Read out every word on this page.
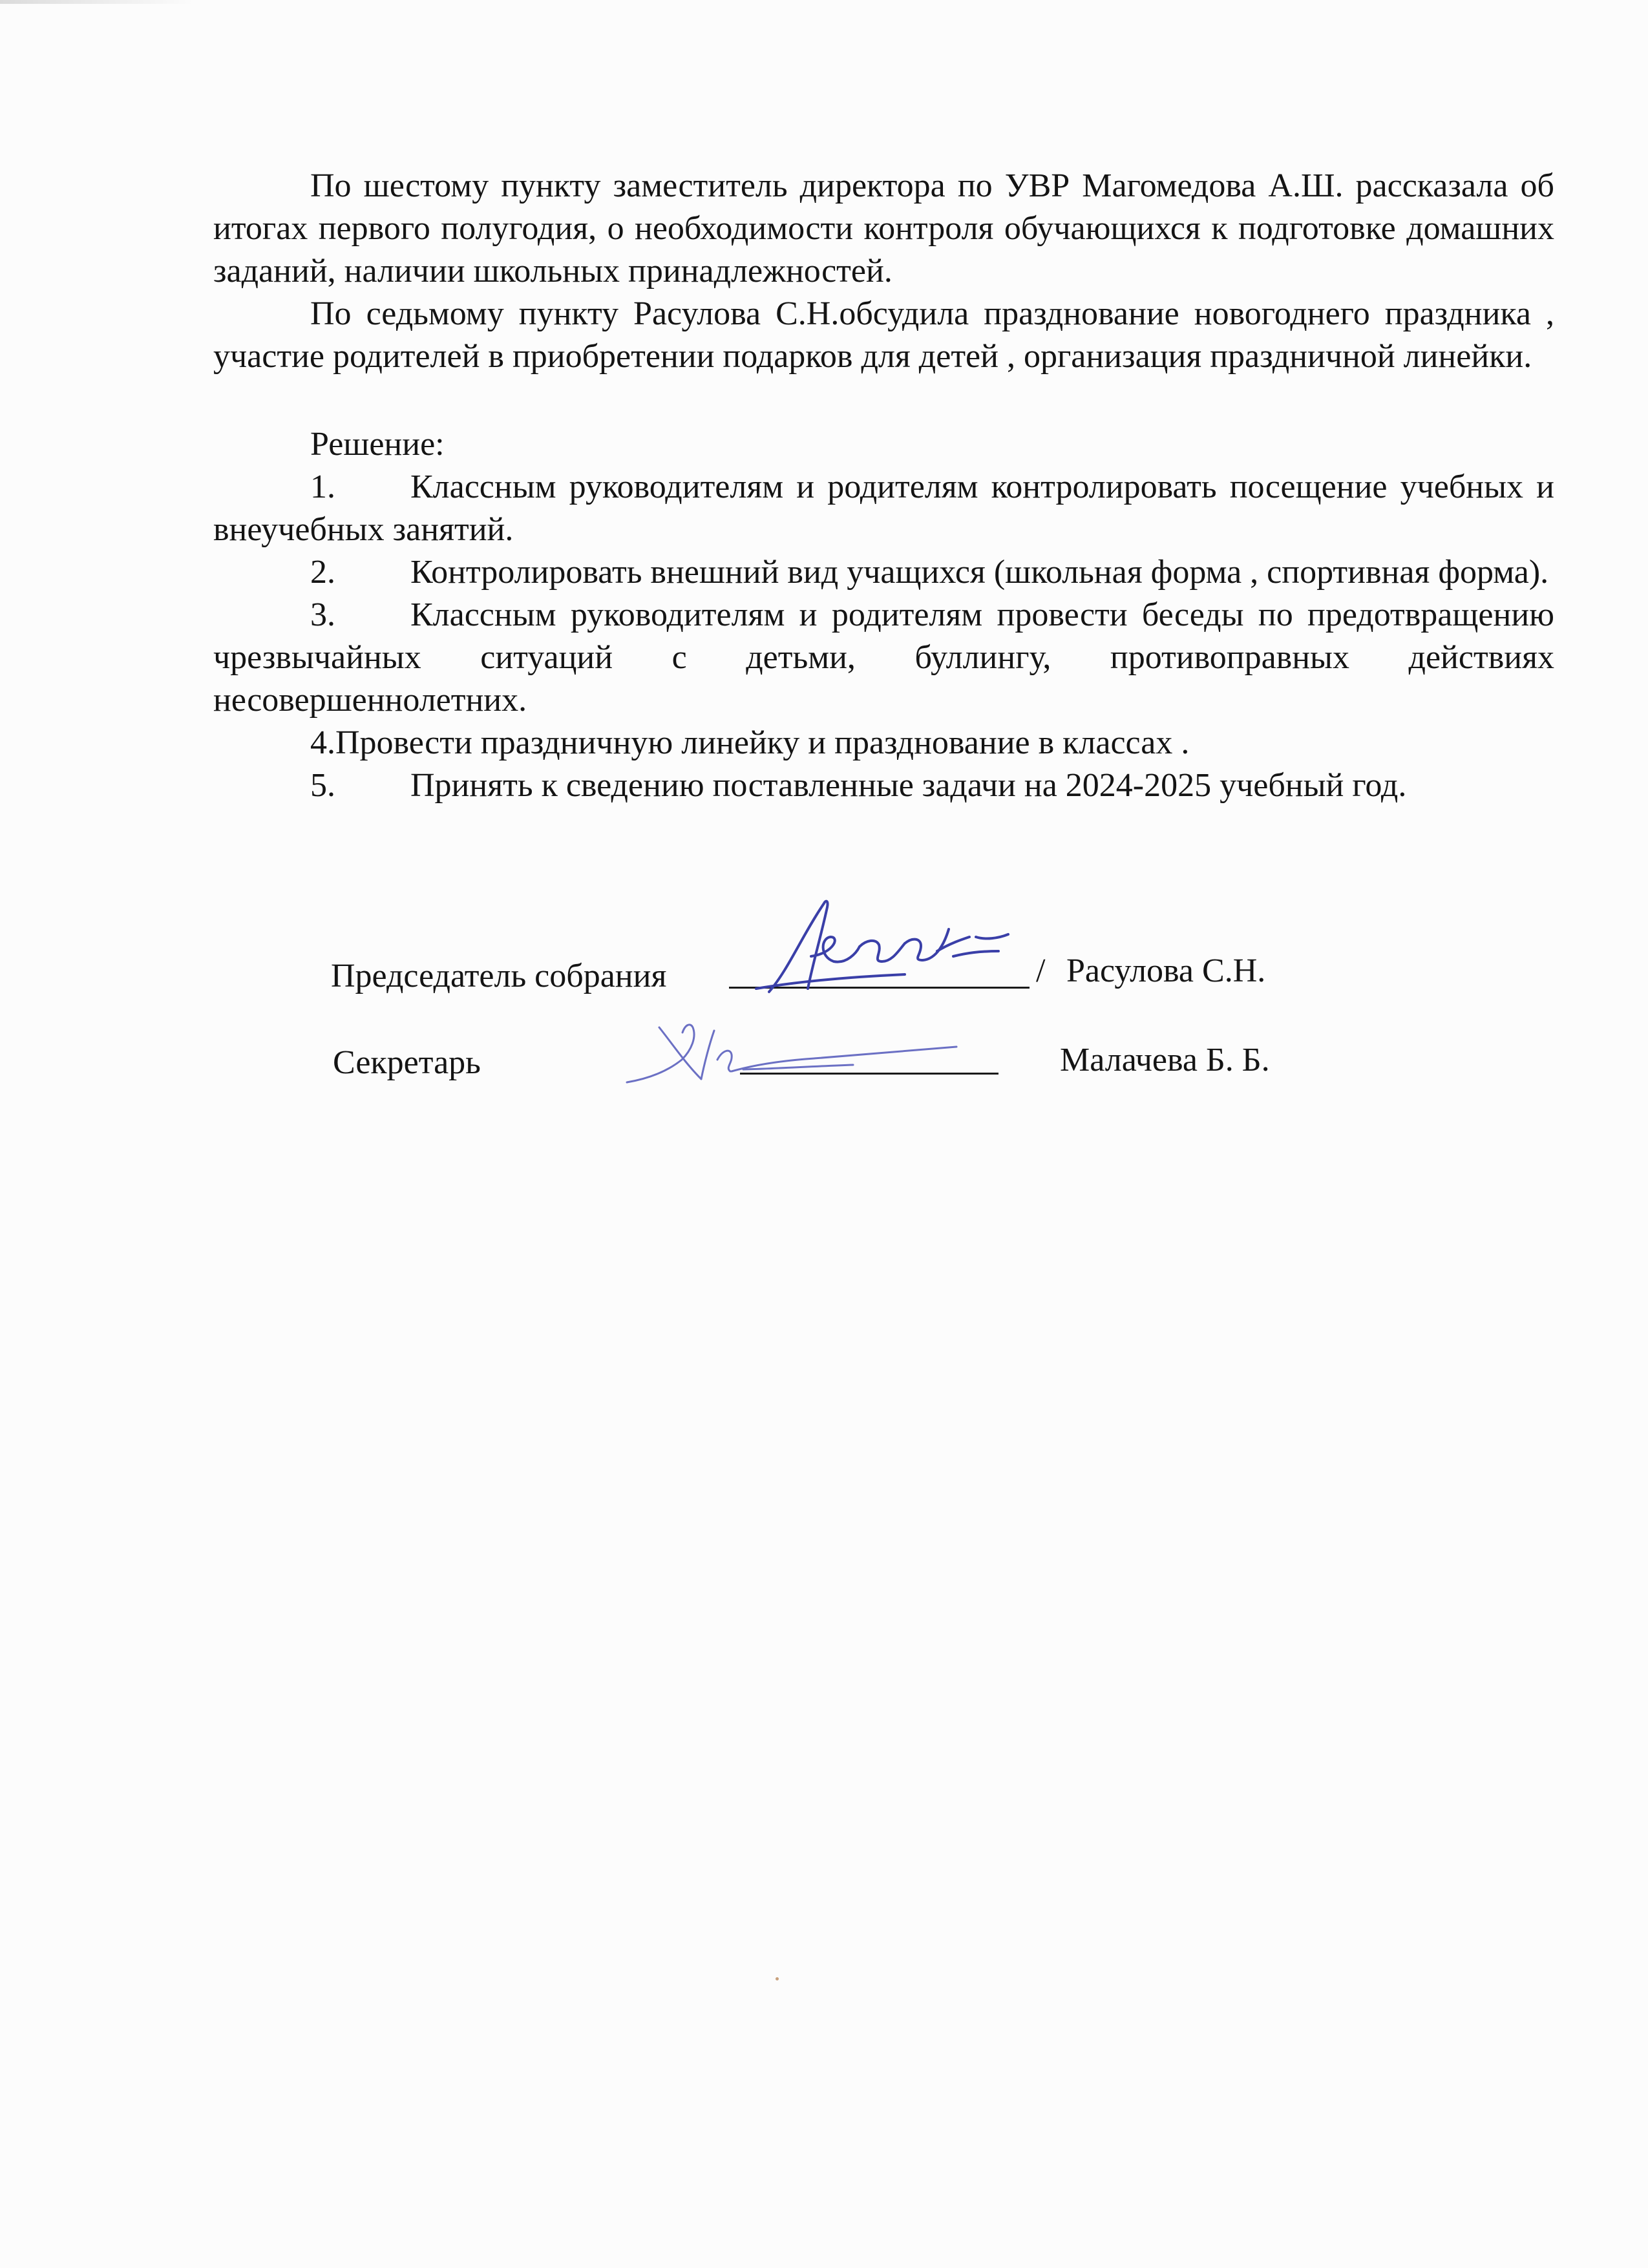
По шестому пункту заместитель директора по УВР Магомедова А.Ш. рассказала об итогах первого полугодия, о необходимости контроля обучающихся к подготовке домашних заданий, наличии школьных принадлежностей.

По седьмому пункту Расулова С.Н.обсудила празднование новогоднего праздника , участие родителей в приобретении подарков для детей , организация праздничной линейки.

Решение:

1. Классным руководителям и родителям контролировать посещение учебных и внеучебных занятий.

2. Контролировать внешний вид учащихся (школьная форма , спортивная форма).

3. Классным руководителям и родителям провести беседы по предотвращению чрезвычайных ситуаций с детьми, буллингу, противоправных действиях несовершеннолетних.

4.Провести праздничную линейку и празднование в классах .

5. Принять к сведению поставленные задачи на 2024-2025 учебный год.

Председатель собрания	/ Расулова С.Н.
Секретарь	Малачева Б. Б.
